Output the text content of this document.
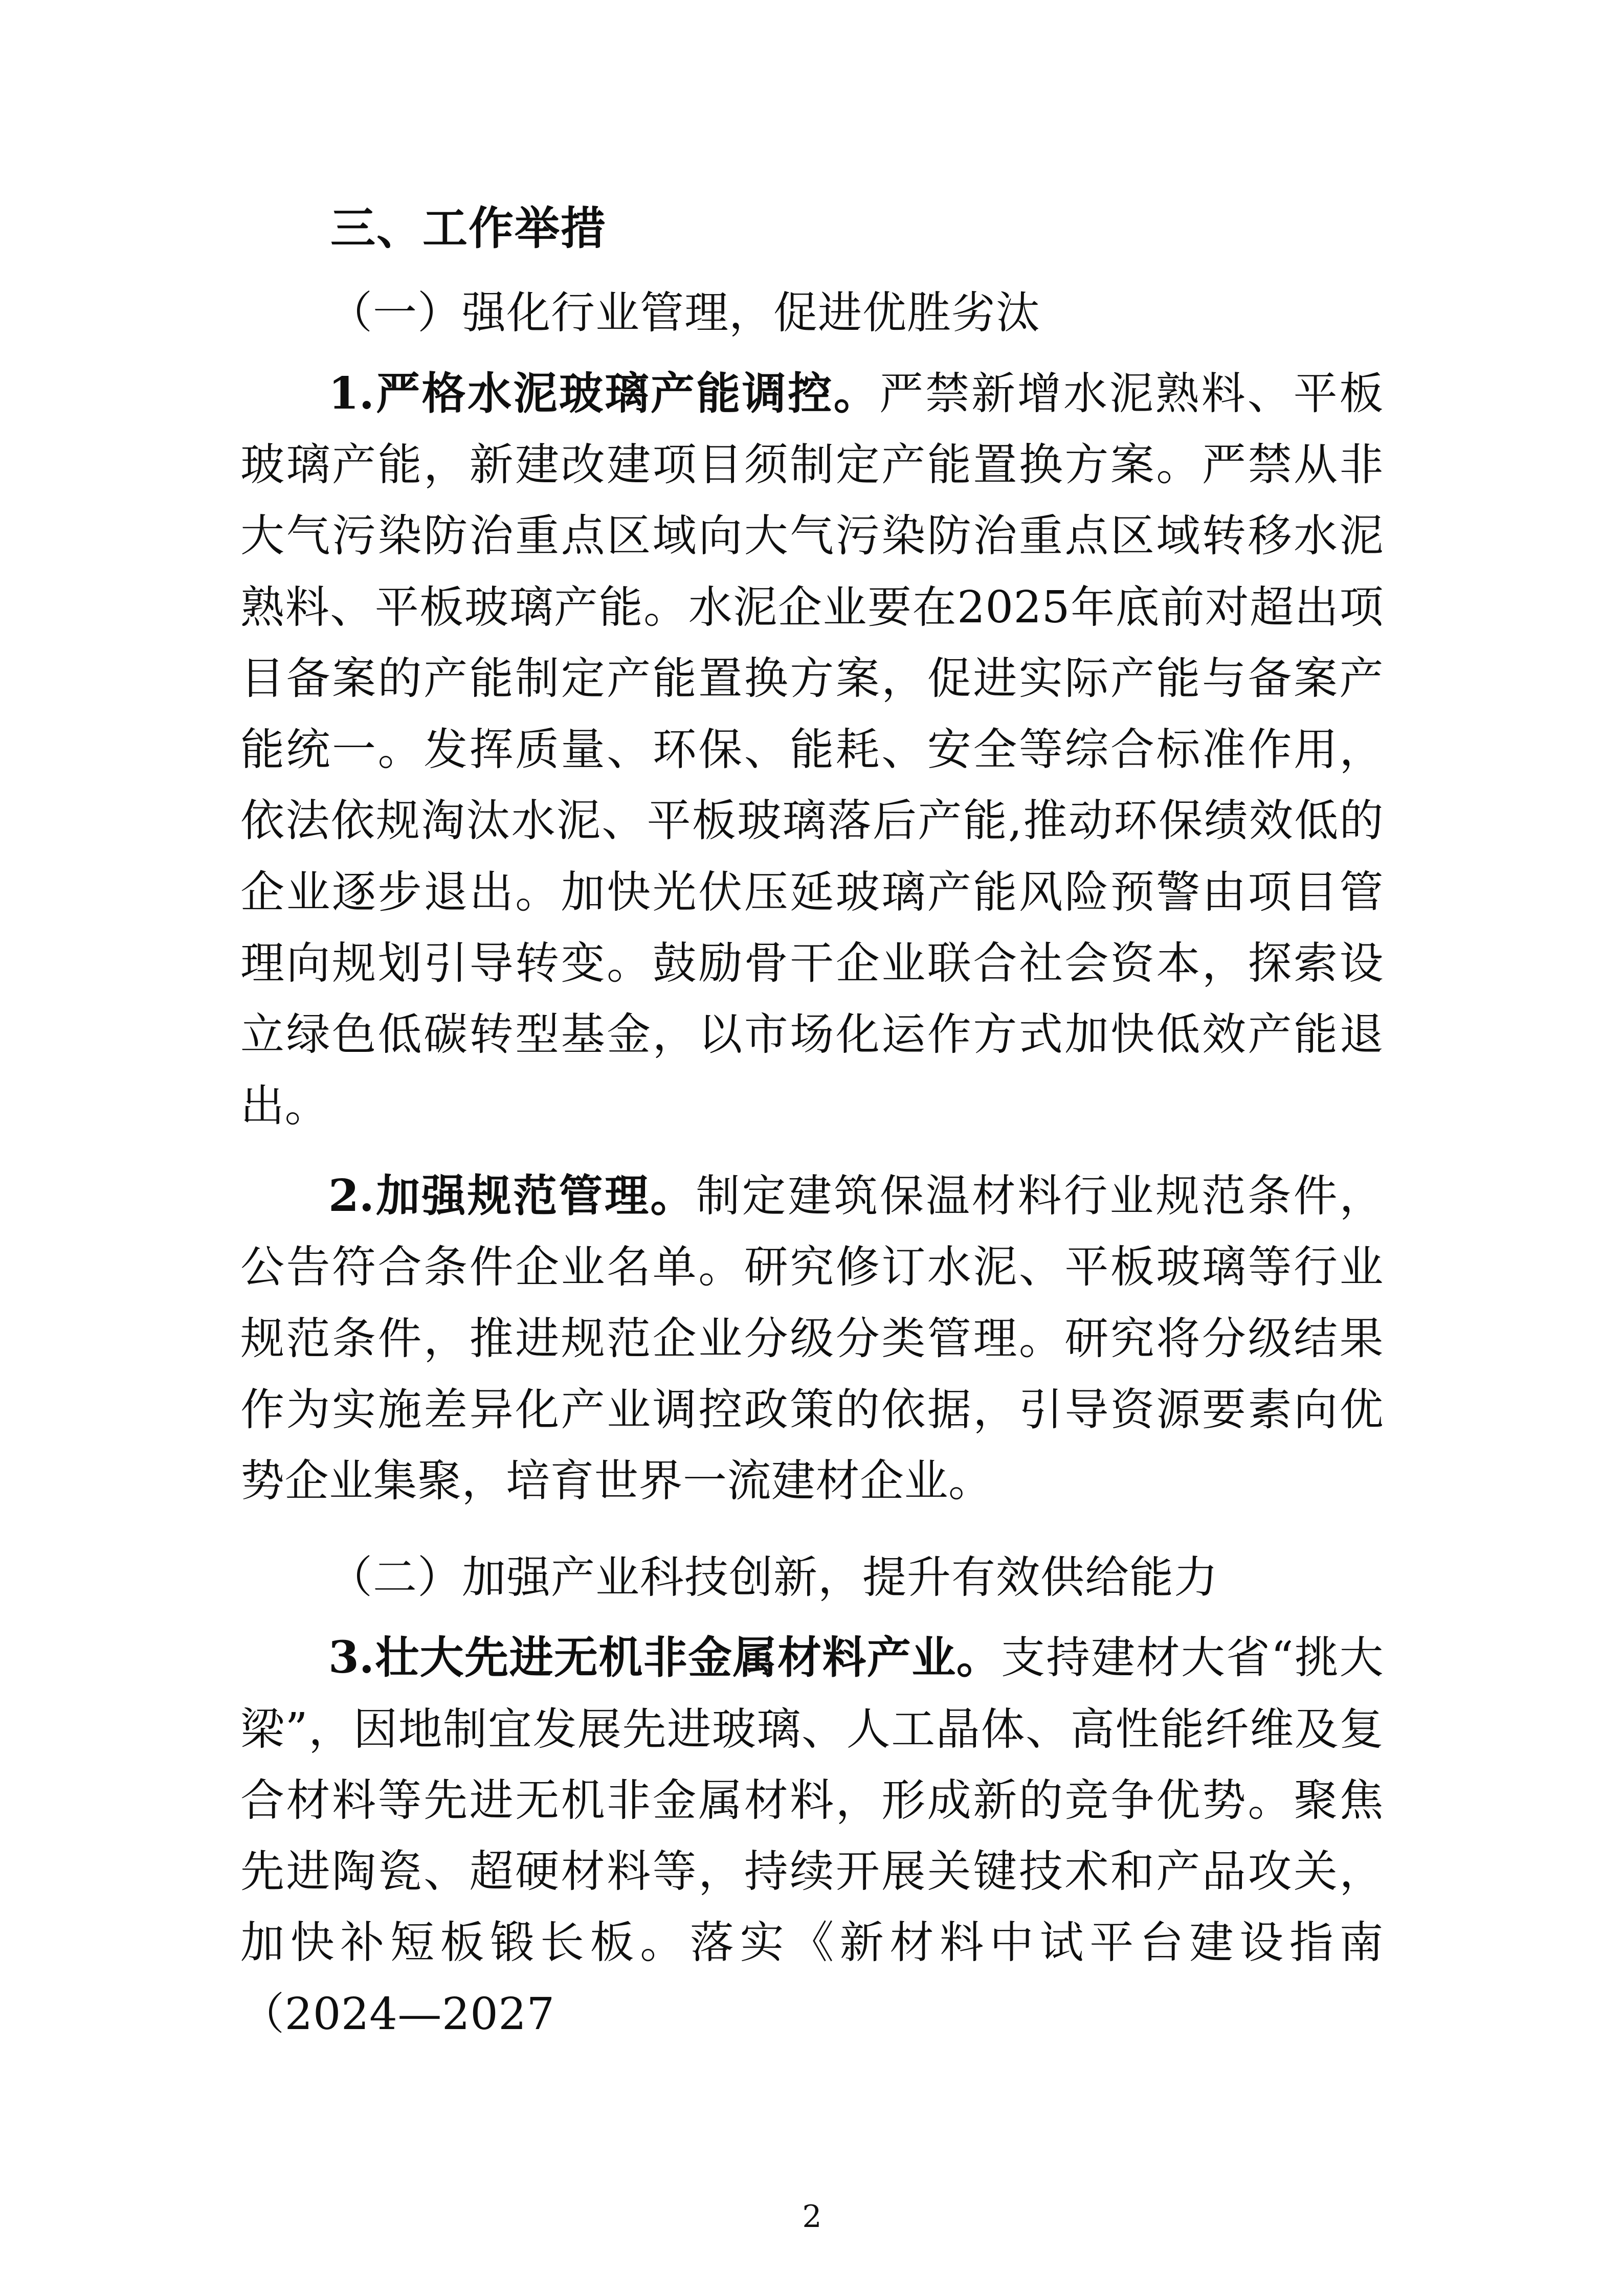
三、工作举措
（一）强化行业管理，促进优胜劣汰

1.严格水泥玻璃产能调控。严禁新增水泥熟料、平板玻璃产能，新建改建项目须制定产能置换方案。严禁从非大气污染防治重点区域向大气污染防治重点区域转移水泥熟料、平板玻璃产能。水泥企业要在2025年底前对超出项目备案的产能制定产能置换方案，促进实际产能与备案产能统一。发挥质量、环保、能耗、安全等综合标准作用，依法依规淘汰水泥、平板玻璃落后产能,推动环保绩效低的企业逐步退出。加快光伏压延玻璃产能风险预警由项目管理向规划引导转变。鼓励骨干企业联合社会资本，探索设立绿色低碳转型基金，以市场化运作方式加快低效产能退出。

2.加强规范管理。制定建筑保温材料行业规范条件，公告符合条件企业名单。研究修订水泥、平板玻璃等行业规范条件，推进规范企业分级分类管理。研究将分级结果作为实施差异化产业调控政策的依据，引导资源要素向优势企业集聚，培育世界一流建材企业。

（二）加强产业科技创新，提升有效供给能力

3.壮大先进无机非金属材料产业。支持建材大省“挑大梁”，因地制宜发展先进玻璃、人工晶体、高性能纤维及复合材料等先进无机非金属材料，形成新的竞争优势。聚焦先进陶瓷、超硬材料等，持续开展关键技术和产品攻关，加快补短板锻长板。落实《新材料中试平台建设指南（2024—2027

2
